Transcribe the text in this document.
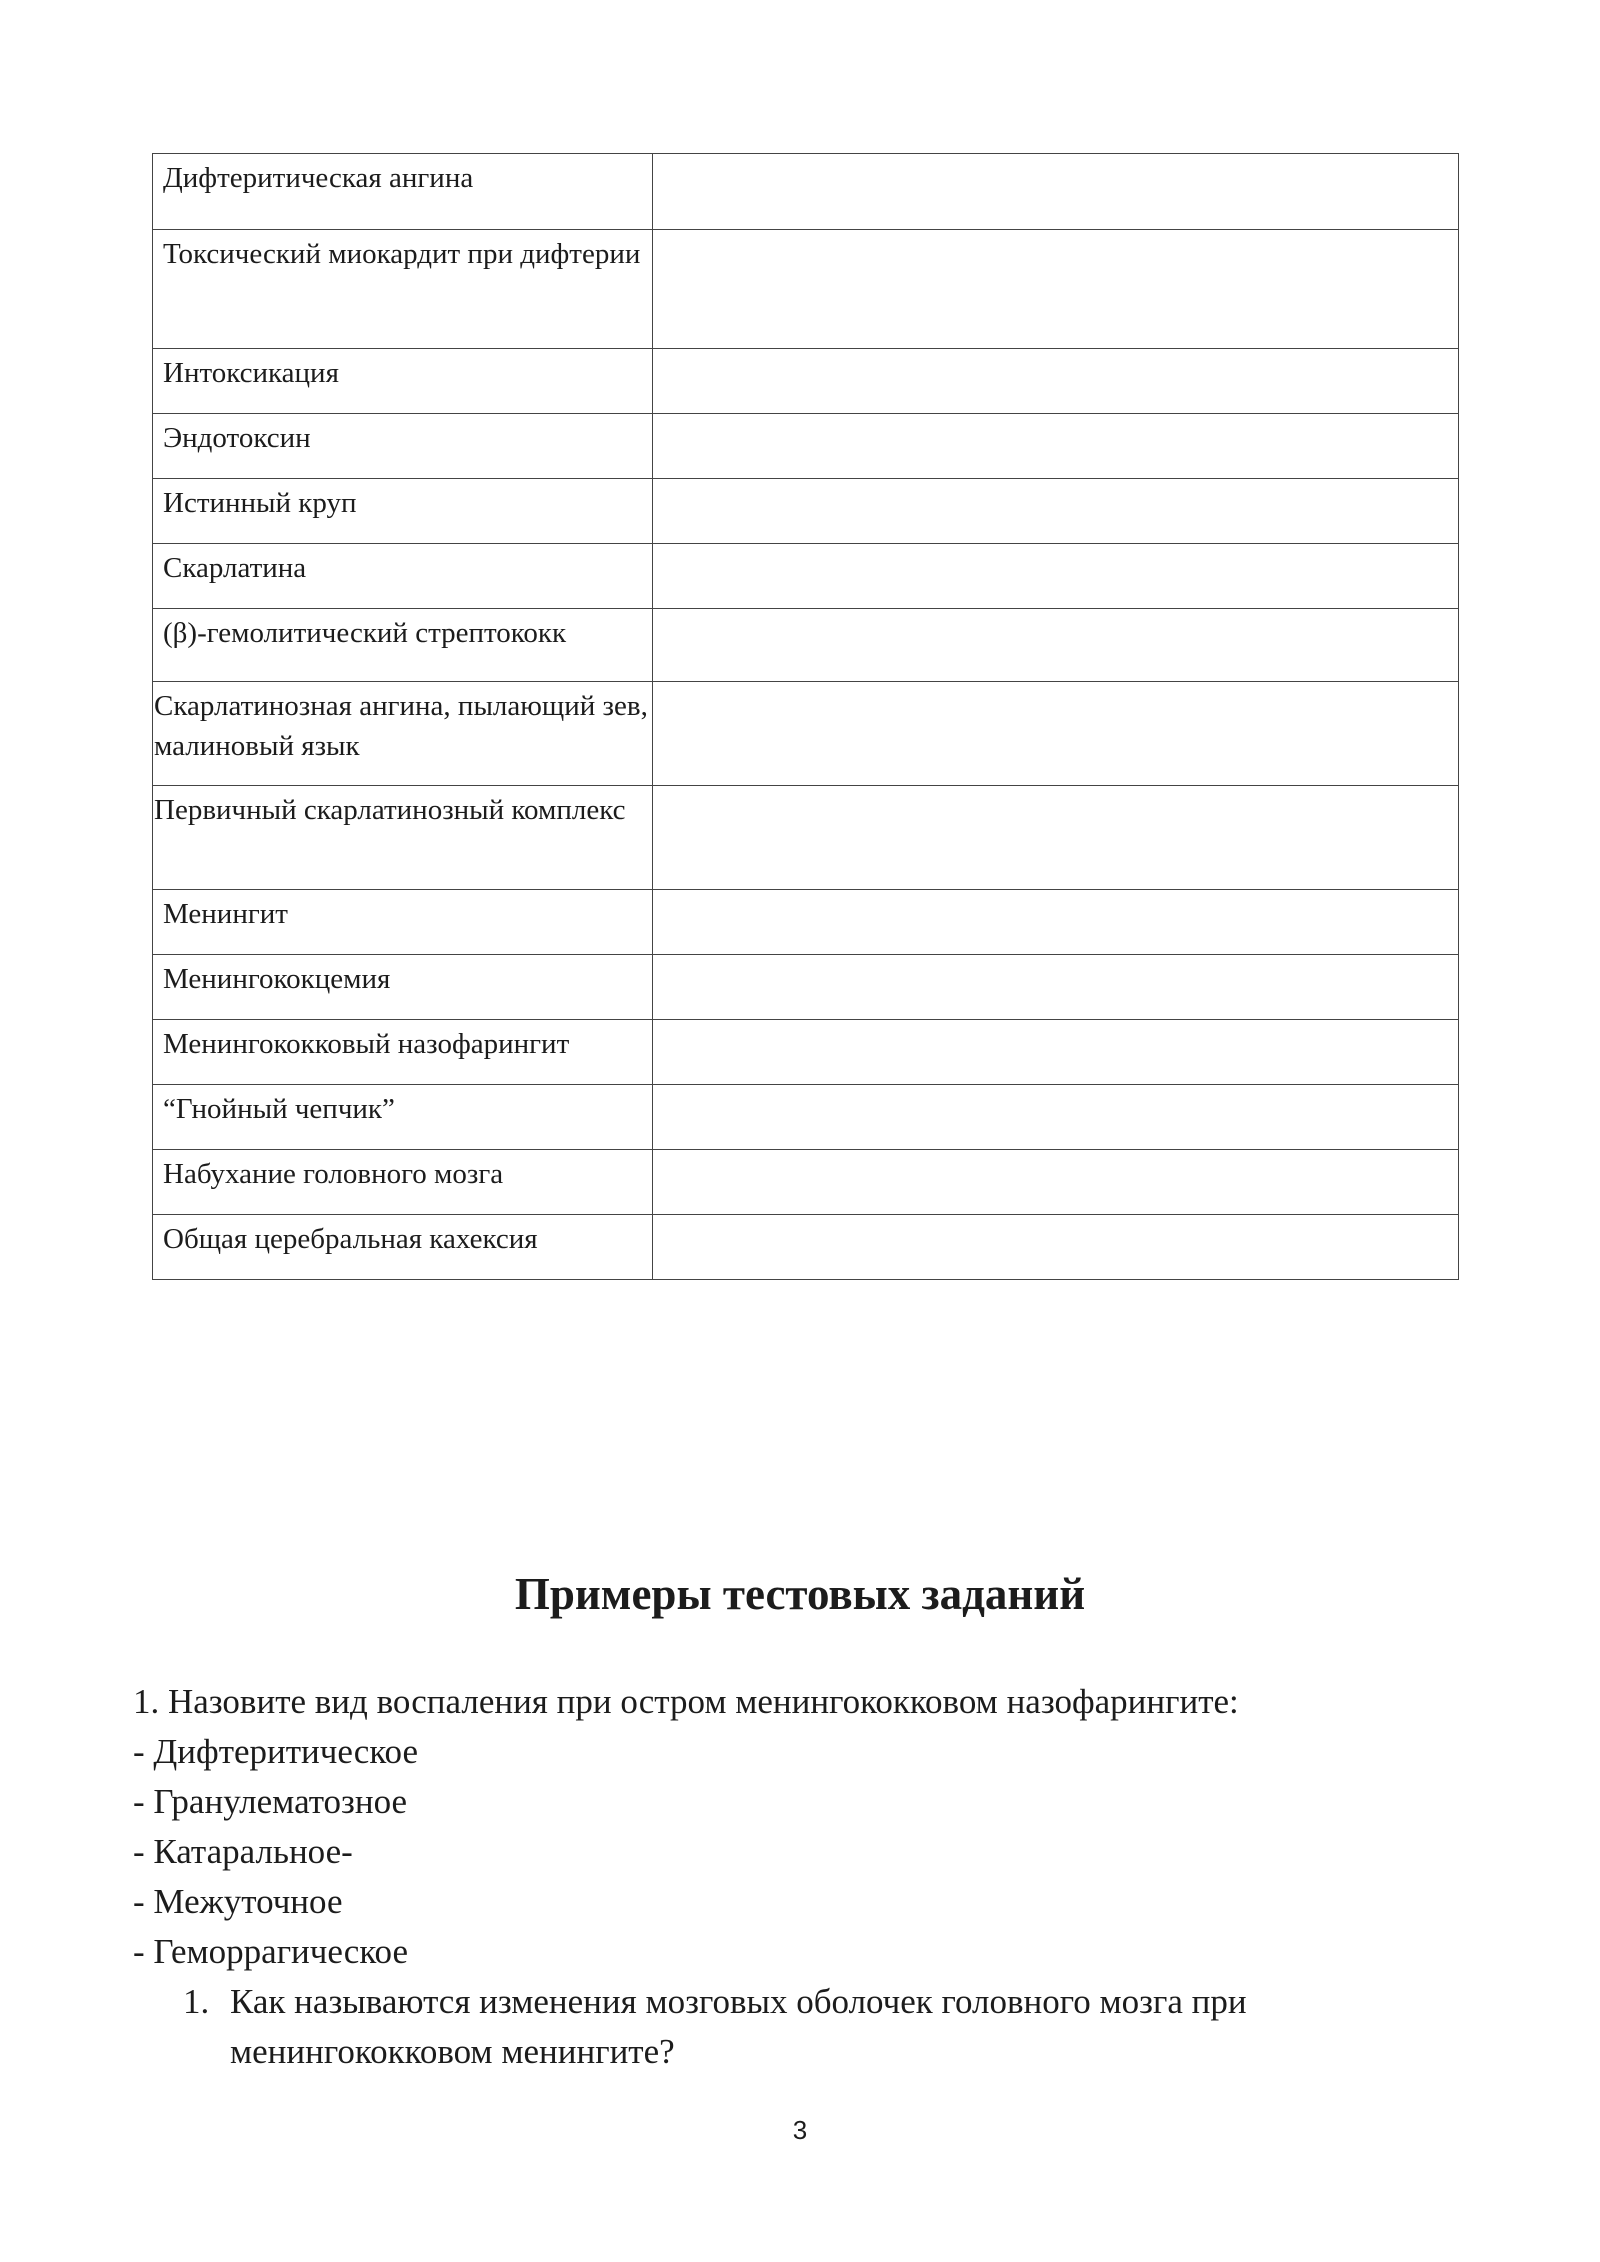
Дифтеритическая ангина	

Токсический миокардит при дифтерии	

Интоксикация	

Эндотоксин	

Истинный круп	

Скарлатина	

(β)-гемолитический стрептококк	

Скарлатинозная ангина, пылающий зев, малиновый язык	

Первичный скарлатинозный комплекс	

Менингит	

Менингококцемия	

Менингококковый назофарингит	

“Гнойный чепчик”	

Набухание головного мозга	

Общая церебральная кахексия	

Примеры тестовых заданий
1. Назовите вид воспаления при остром менингококковом назофарингите:
- Дифтеритическое
- Гранулематозное
- Катаральное-
- Межуточное
- Геморрагическое
1. Как называются изменения мозговых оболочек головного мозга при менингококковом менингите?
3
